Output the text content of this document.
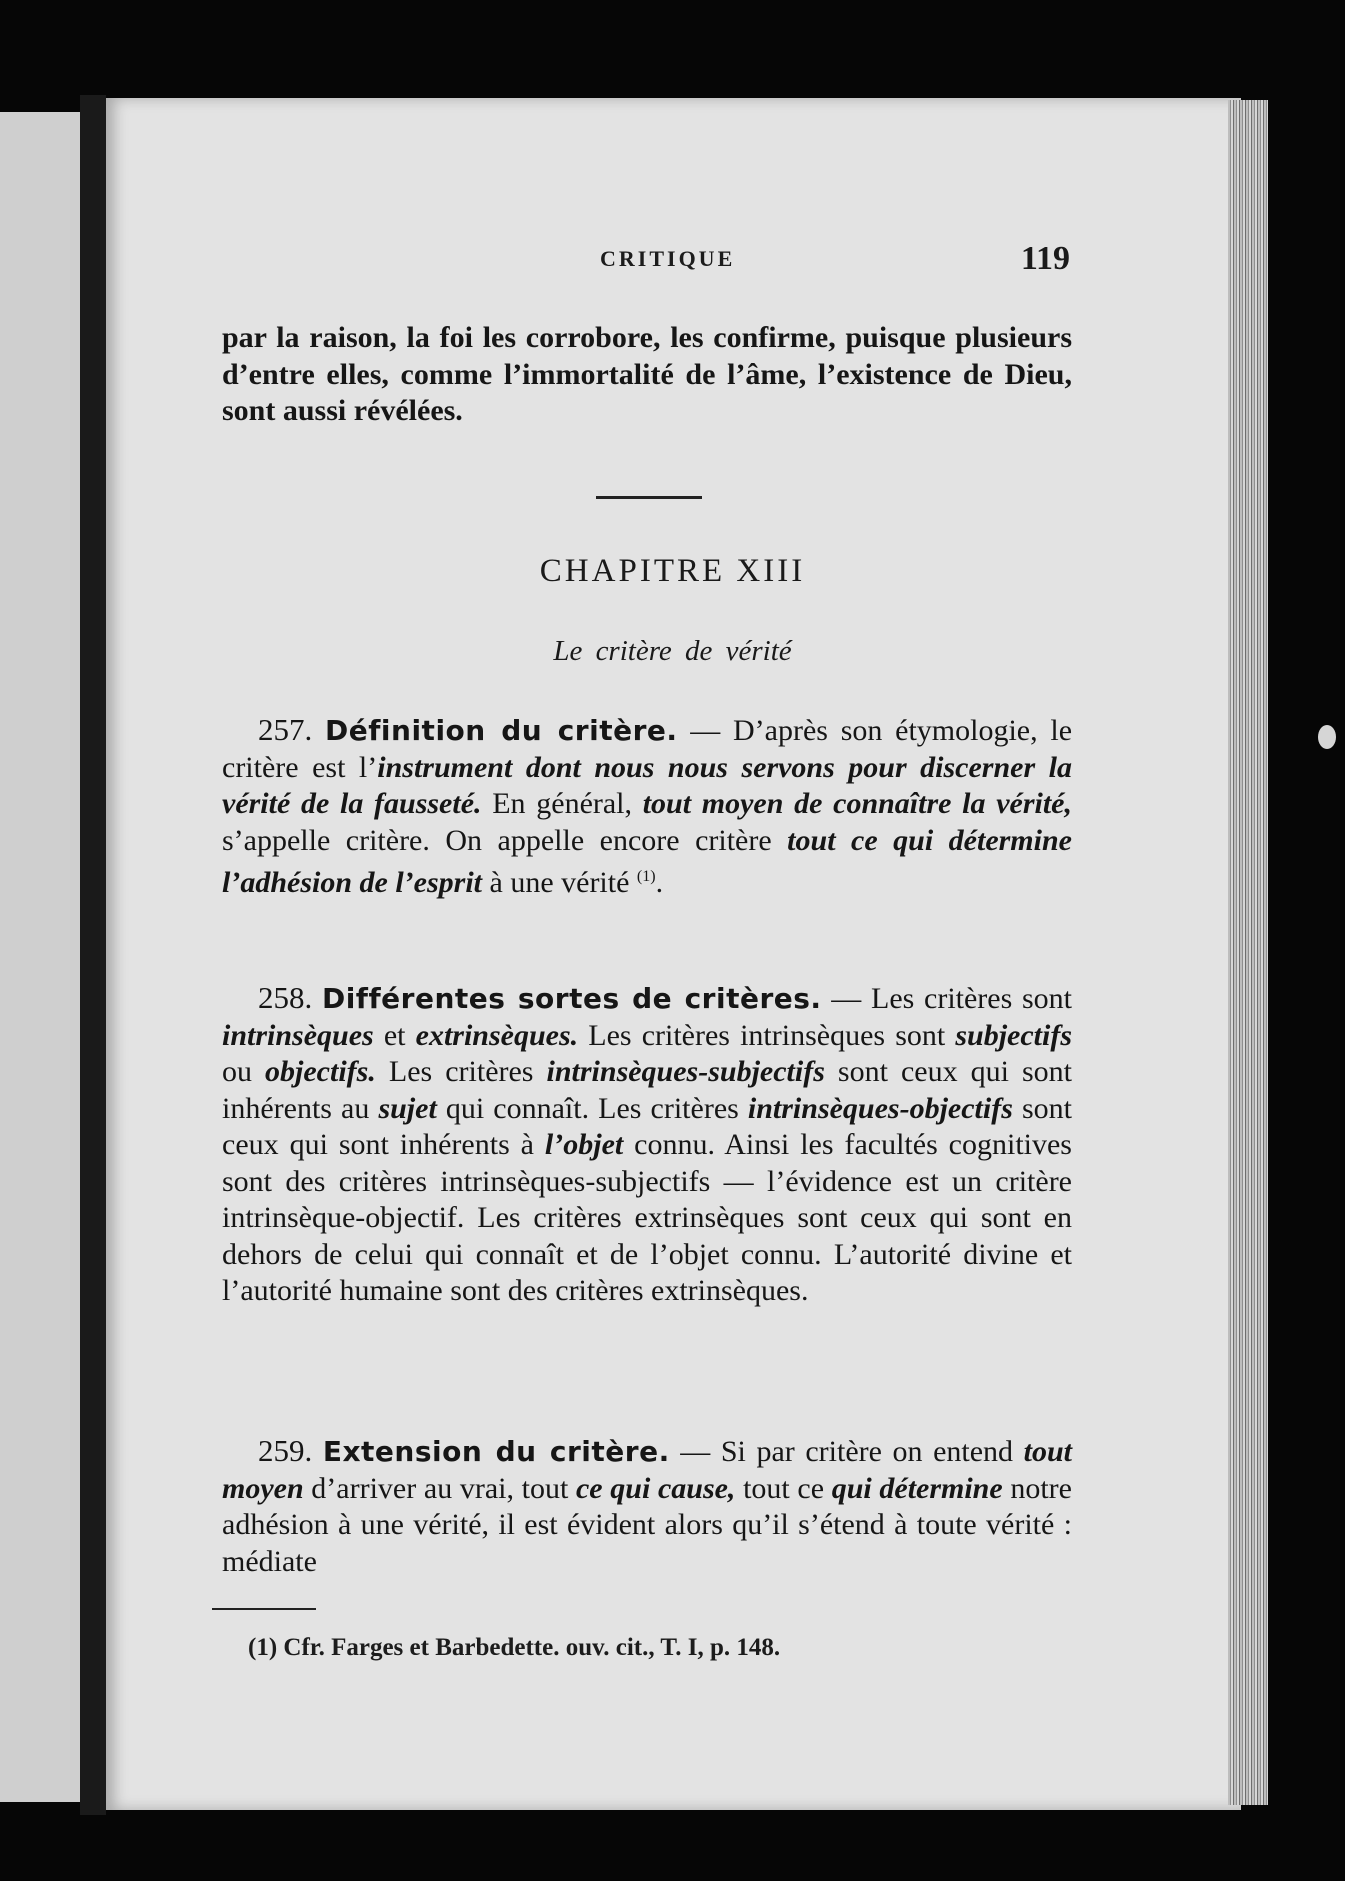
CRITIQUE	119

par la raison, la foi les corrobore, les confirme, puisque plusieurs d’entre elles, comme l’immortalité de l’âme, l’existence de Dieu, sont aussi révélées.

CHAPITRE XIII
Le critère de vérité

257. Définition du critère. — D’après son étymologie, le critère est l’instrument dont nous nous servons pour discerner la vérité de la fausseté. En général, tout moyen de connaître la vérité, s’appelle critère. On appelle encore critère tout ce qui détermine l’adhésion de l’esprit à une vérité $^{(1)}$.

258. Différentes sortes de critères. — Les critères sont intrinsèques et extrinsèques. Les critères intrinsèques sont subjectifs ou objectifs. Les critères intrinsèques-subjectifs sont ceux qui sont inhérents au sujet qui connaît. Les critères intrinsèques-objectifs sont ceux qui sont inhérents à l’objet connu. Ainsi les facultés cognitives sont des critères intrinsèques-subjectifs — l’évidence est un critère intrinsèque-objectif. Les critères extrinsèques sont ceux qui sont en dehors de celui qui connaît et de l’objet connu. L’autorité divine et l’autorité humaine sont des critères extrinsèques.

259. Extension du critère. — Si par critère on entend tout moyen d’arriver au vrai, tout ce qui cause, tout ce qui détermine notre adhésion à une vérité, il est évident alors qu’il s’étend à toute vérité : médiate

(1) Cfr. Farges et Barbedette. ouv. cit., T. I, p. 148.
